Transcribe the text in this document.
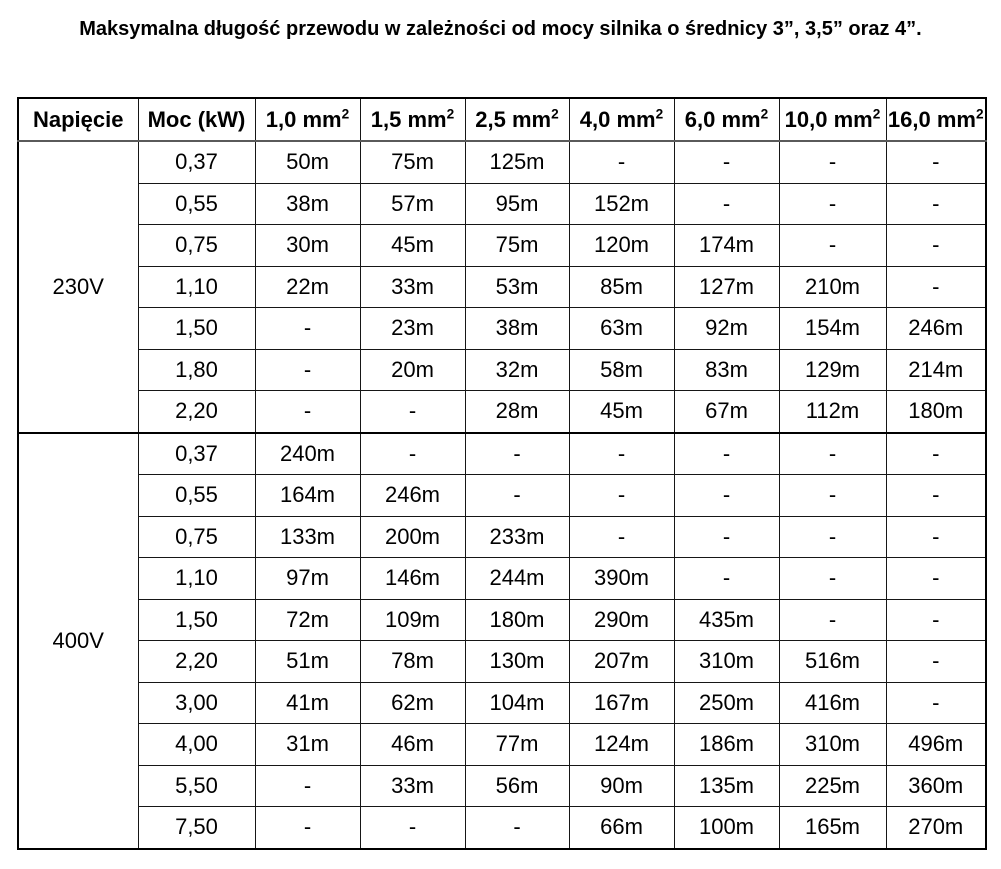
Maksymalna długość przewodu w zależności od mocy silnika o średnicy 3”, 3,5” oraz 4”.
Napięcie	Moc (kW)	1,0 $mm^2$	1,5 $mm^2$	2,5 $mm^2$	4,0 $mm^2$	6,0 $mm^2$	10,0 $mm^2$	16,0 $mm^2$
230V	0,37	50m	75m	125m	-	-	-	-
	0,55	38m	57m	95m	152m	-	-	-
	0,75	30m	45m	75m	120m	174m	-	-
	1,10	22m	33m	53m	85m	127m	210m	-
	1,50	-	23m	38m	63m	92m	154m	246m
	1,80	-	20m	32m	58m	83m	129m	214m
	2,20	-	-	28m	45m	67m	112m	180m
400V	0,37	240m	-	-	-	-	-	-
	0,55	164m	246m	-	-	-	-	-
	0,75	133m	200m	233m	-	-	-	-
	1,10	97m	146m	244m	390m	-	-	-
	1,50	72m	109m	180m	290m	435m	-	-
	2,20	51m	78m	130m	207m	310m	516m	-
	3,00	41m	62m	104m	167m	250m	416m	-
	4,00	31m	46m	77m	124m	186m	310m	496m
	5,50	-	33m	56m	90m	135m	225m	360m
	7,50	-	-	-	66m	100m	165m	270m
